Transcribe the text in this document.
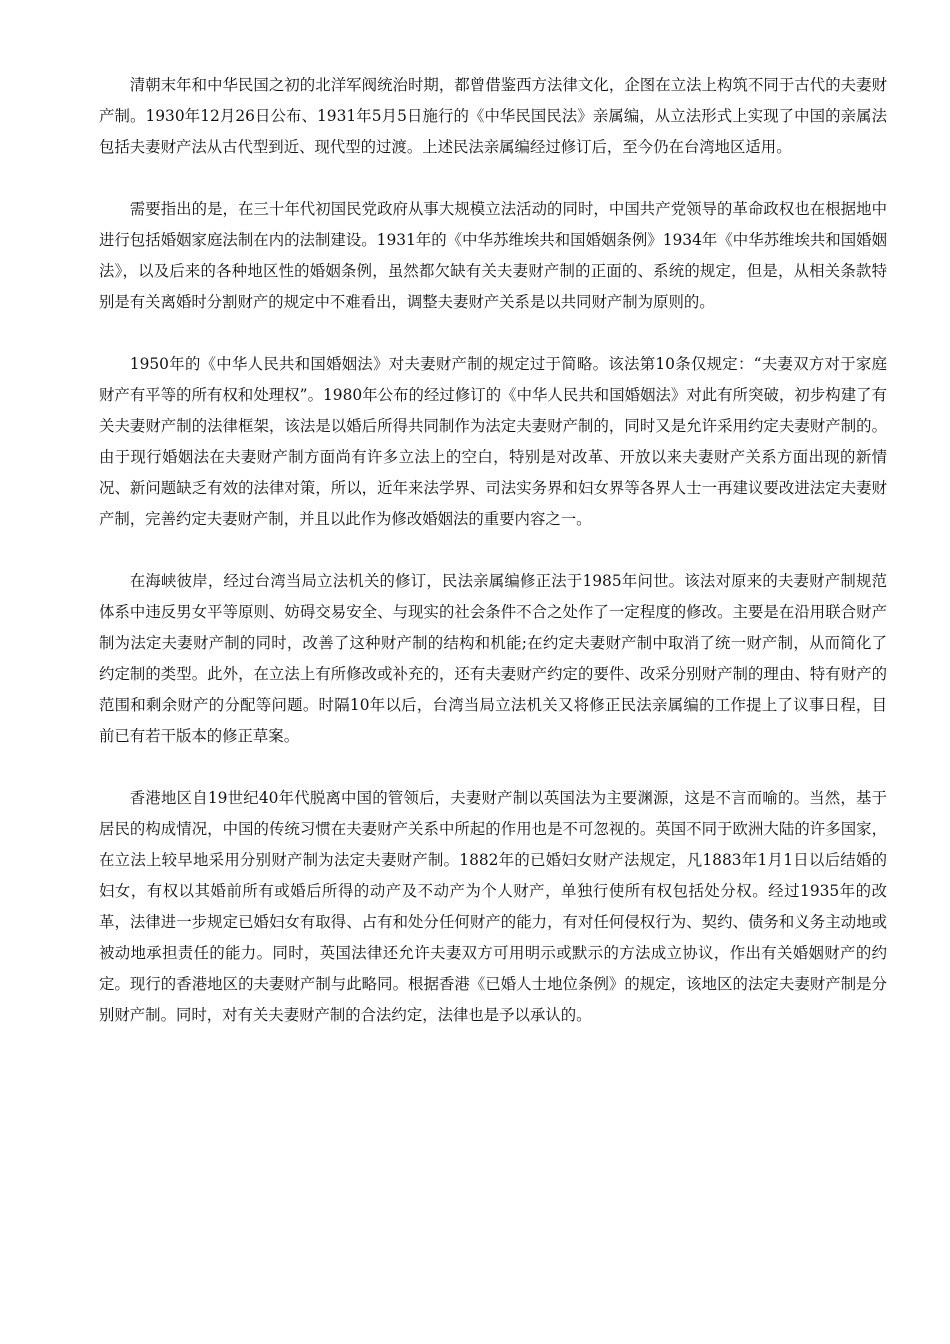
清朝末年和中华民国之初的北洋军阀统治时期，都曾借鉴西方法律文化，企图在立法上构筑不同于古代的夫妻财产制。1930年12月26日公布、1931年5月5日施行的《中华民国民法》亲属编，从立法形式上实现了中国的亲属法包括夫妻财产法从古代型到近、现代型的过渡。上述民法亲属编经过修订后，至今仍在台湾地区适用。

需要指出的是，在三十年代初国民党政府从事大规模立法活动的同时，中国共产党领导的革命政权也在根据地中进行包括婚姻家庭法制在内的法制建设。1931年的《中华苏维埃共和国婚姻条例》1934年《中华苏维埃共和国婚姻法》，以及后来的各种地区性的婚姻条例，虽然都欠缺有关夫妻财产制的正面的、系统的规定，但是，从相关条款特别是有关离婚时分割财产的规定中不难看出，调整夫妻财产关系是以共同财产制为原则的。

1950年的《中华人民共和国婚姻法》对夫妻财产制的规定过于简略。该法第10条仅规定：“夫妻双方对于家庭财产有平等的所有权和处理权”。1980年公布的经过修订的《中华人民共和国婚姻法》对此有所突破，初步构建了有关夫妻财产制的法律框架，该法是以婚后所得共同制作为法定夫妻财产制的，同时又是允许采用约定夫妻财产制的。由于现行婚姻法在夫妻财产制方面尚有许多立法上的空白，特别是对改革、开放以来夫妻财产关系方面出现的新情况、新问题缺乏有效的法律对策，所以，近年来法学界、司法实务界和妇女界等各界人士一再建议要改进法定夫妻财产制，完善约定夫妻财产制，并且以此作为修改婚姻法的重要内容之一。

在海峡彼岸，经过台湾当局立法机关的修订，民法亲属编修正法于1985年问世。该法对原来的夫妻财产制规范体系中违反男女平等原则、妨碍交易安全、与现实的社会条件不合之处作了一定程度的修改。主要是在沿用联合财产制为法定夫妻财产制的同时，改善了这种财产制的结构和机能;在约定夫妻财产制中取消了统一财产制，从而简化了约定制的类型。此外，在立法上有所修改或补充的，还有夫妻财产约定的要件、改采分别财产制的理由、特有财产的范围和剩余财产的分配等问题。时隔10年以后，台湾当局立法机关又将修正民法亲属编的工作提上了议事日程，目前已有若干版本的修正草案。

香港地区自19世纪40年代脱离中国的管领后，夫妻财产制以英国法为主要渊源，这是不言而喻的。当然，基于居民的构成情况，中国的传统习惯在夫妻财产关系中所起的作用也是不可忽视的。英国不同于欧洲大陆的许多国家，在立法上较早地采用分别财产制为法定夫妻财产制。1882年的已婚妇女财产法规定，凡1883年1月1日以后结婚的妇女，有权以其婚前所有或婚后所得的动产及不动产为个人财产，单独行使所有权包括处分权。经过1935年的改革，法律进一步规定已婚妇女有取得、占有和处分任何财产的能力，有对任何侵权行为、契约、债务和义务主动地或被动地承担责任的能力。同时，英国法律还允许夫妻双方可用明示或默示的方法成立协议，作出有关婚姻财产的约定。现行的香港地区的夫妻财产制与此略同。根据香港《已婚人士地位条例》的规定，该地区的法定夫妻财产制是分别财产制。同时，对有关夫妻财产制的合法约定，法律也是予以承认的。
